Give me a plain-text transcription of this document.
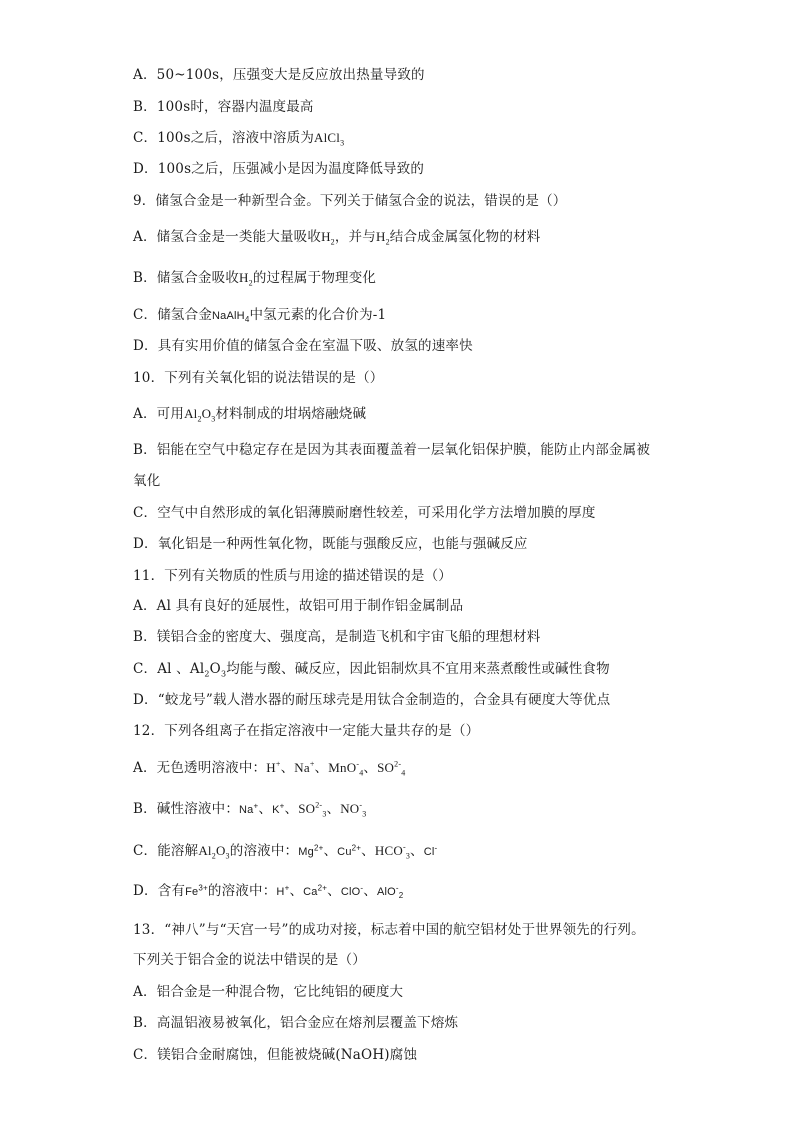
A．50~100s，压强变大是反应放出热量导致的
B．100s时，容器内温度最高
C．100s之后，溶液中溶质为AlCl$_3$
D．100s之后，压强减小是因为温度降低导致的
9．储氢合金是一种新型合金。下列关于储氢合金的说法，错误的是（）
A．储氢合金是一类能大量吸收$H_2$，并与$H_2$结合成金属氢化物的材料
B．储氢合金吸收$H_2$的过程属于物理变化
C．储氢合金NaAlH$_4$中氢元素的化合价为-1
D．具有实用价值的储氢合金在室温下吸、放氢的速率快
10．下列有关氧化铝的说法错误的是（）
A．可用$Al_2O_3$材料制成的坩埚熔融烧碱
B．铝能在空气中稳定存在是因为其表面覆盖着一层氧化铝保护膜，能防止内部金属被
氧化
C．空气中自然形成的氧化铝薄膜耐磨性较差，可采用化学方法增加膜的厚度
D．氧化铝是一种两性氧化物，既能与强酸反应，也能与强碱反应
11．下列有关物质的性质与用途的描述错误的是（）
A．Al 具有良好的延展性，故铝可用于制作铝金属制品
B．镁铝合金的密度大、强度高，是制造飞机和宇宙飞船的理想材料
C．Al 、$Al_2O_3$均能与酸、碱反应，因此铝制炊具不宜用来蒸煮酸性或碱性食物
D．“蛟龙号”载人潜水器的耐压球壳是用钛合金制造的，合金具有硬度大等优点
12．下列各组离子在指定溶液中一定能大量共存的是（）
A．无色透明溶液中：H+、Na+、MnO-$_4$、$SO^{2-}_4$
B．碱性溶液中：Na+、K+、$SO^{2-}_3$、$NO^-_3$
C．能溶解$Al_2O_3$的溶液中：$Mg^{2+}$、$Cu^{2+}$、$HCO^-_3$、Cl-
D．含有$Fe^{3+}$的溶液中：H+、$Ca^{2+}$、ClO-、AlO-$_2$
13．“神八”与“天宫一号”的成功对接，标志着中国的航空铝材处于世界领先的行列。
下列关于铝合金的说法中错误的是（）
A．铝合金是一种混合物，它比纯铝的硬度大
B．高温铝液易被氧化，铝合金应在熔剂层覆盖下熔炼
C．镁铝合金耐腐蚀，但能被烧碱(NaOH)腐蚀
